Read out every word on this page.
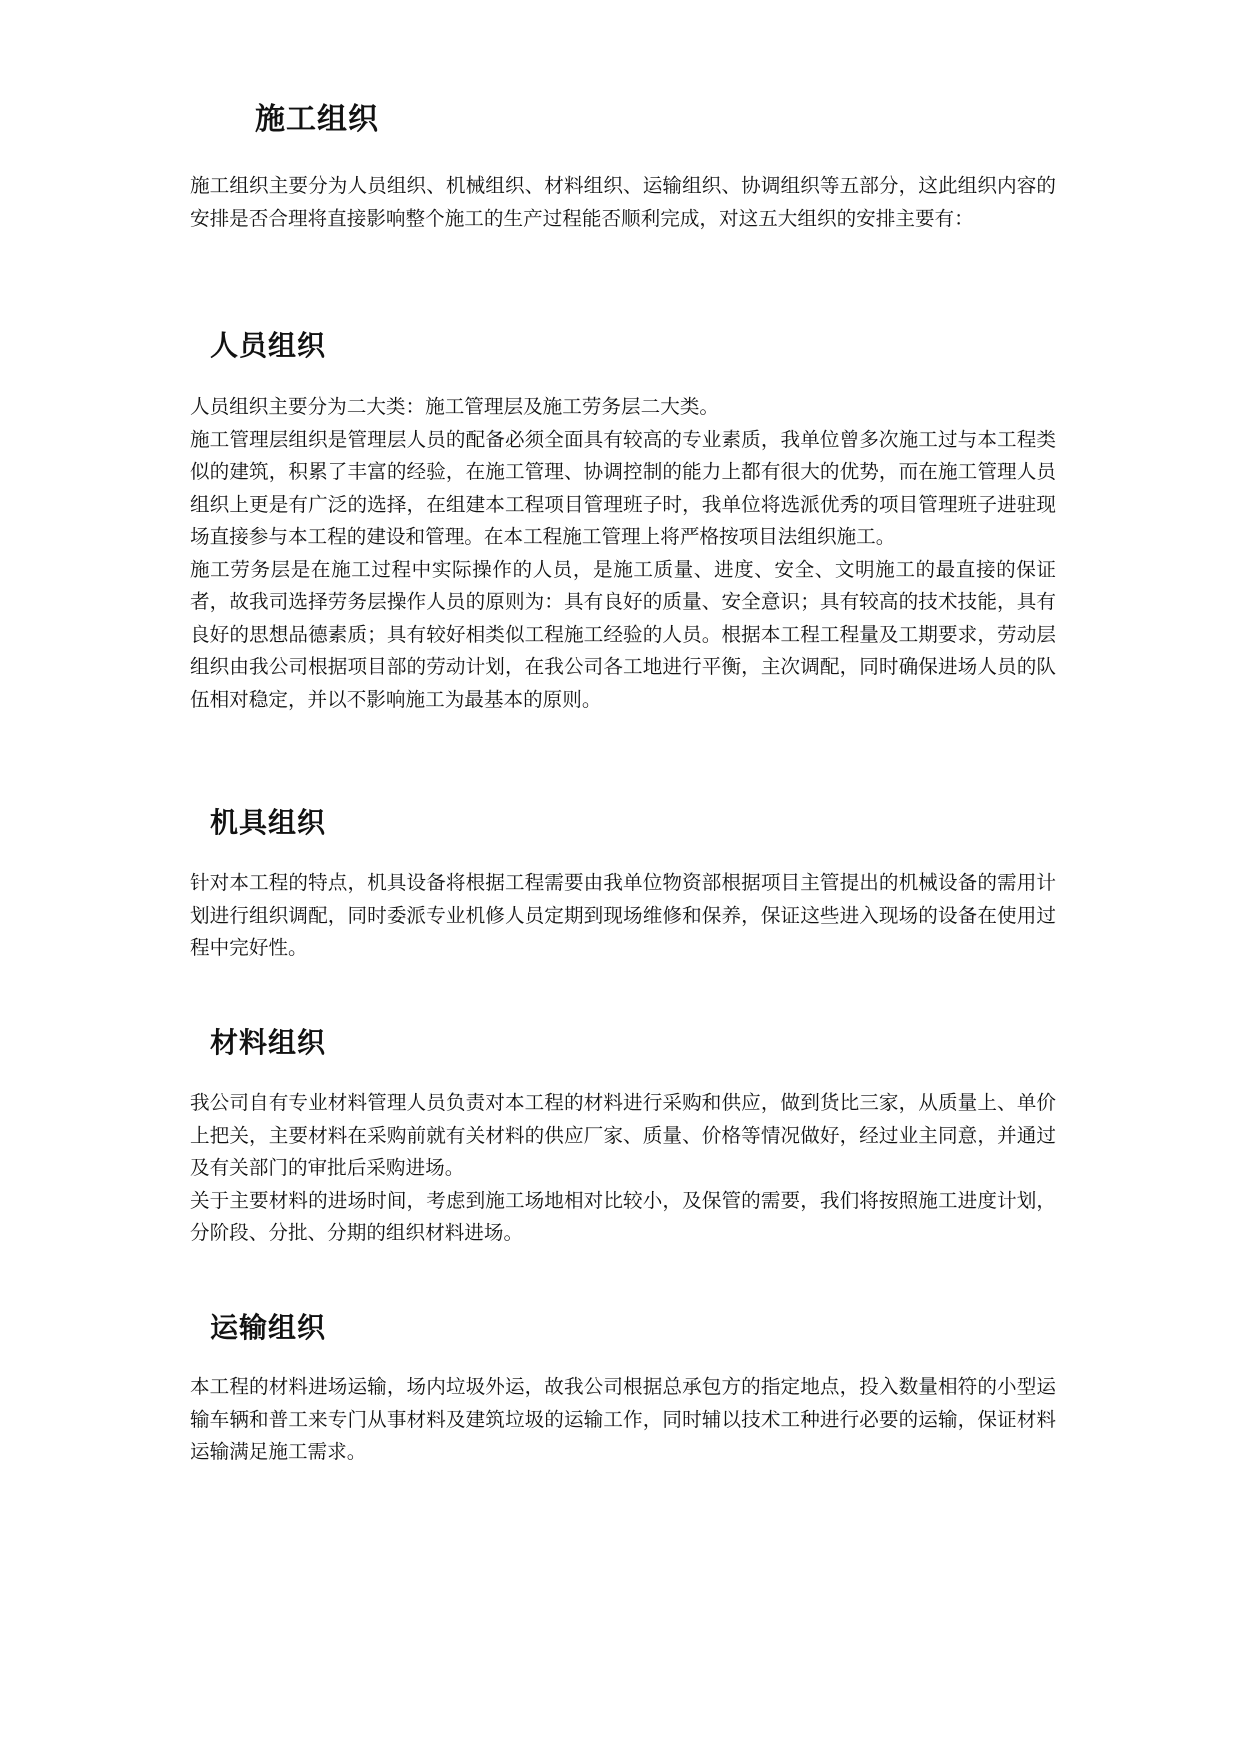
施工组织

施工组织主要分为人员组织、机械组织、材料组织、运输组织、协调组织等五部分，这此组织内容的安排是否合理将直接影响整个施工的生产过程能否顺利完成，对这五大组织的安排主要有：

人员组织

人员组织主要分为二大类：施工管理层及施工劳务层二大类。

施工管理层组织是管理层人员的配备必须全面具有较高的专业素质，我单位曾多次施工过与本工程类似的建筑，积累了丰富的经验，在施工管理、协调控制的能力上都有很大的优势，而在施工管理人员组织上更是有广泛的选择，在组建本工程项目管理班子时，我单位将选派优秀的项目管理班子进驻现场直接参与本工程的建设和管理。在本工程施工管理上将严格按项目法组织施工。

施工劳务层是在施工过程中实际操作的人员，是施工质量、进度、安全、文明施工的最直接的保证者，故我司选择劳务层操作人员的原则为：具有良好的质量、安全意识；具有较高的技术技能，具有良好的思想品德素质；具有较好相类似工程施工经验的人员。根据本工程工程量及工期要求，劳动层组织由我公司根据项目部的劳动计划，在我公司各工地进行平衡，主次调配，同时确保进场人员的队伍相对稳定，并以不影响施工为最基本的原则。

机具组织

针对本工程的特点，机具设备将根据工程需要由我单位物资部根据项目主管提出的机械设备的需用计划进行组织调配，同时委派专业机修人员定期到现场维修和保养，保证这些进入现场的设备在使用过程中完好性。

材料组织

我公司自有专业材料管理人员负责对本工程的材料进行采购和供应，做到货比三家，从质量上、单价上把关，主要材料在采购前就有关材料的供应厂家、质量、价格等情况做好，经过业主同意，并通过及有关部门的审批后采购进场。

关于主要材料的进场时间，考虑到施工场地相对比较小，及保管的需要，我们将按照施工进度计划，分阶段、分批、分期的组织材料进场。

运输组织

本工程的材料进场运输，场内垃圾外运，故我公司根据总承包方的指定地点，投入数量相符的小型运输车辆和普工来专门从事材料及建筑垃圾的运输工作，同时辅以技术工种进行必要的运输，保证材料运输满足施工需求。
